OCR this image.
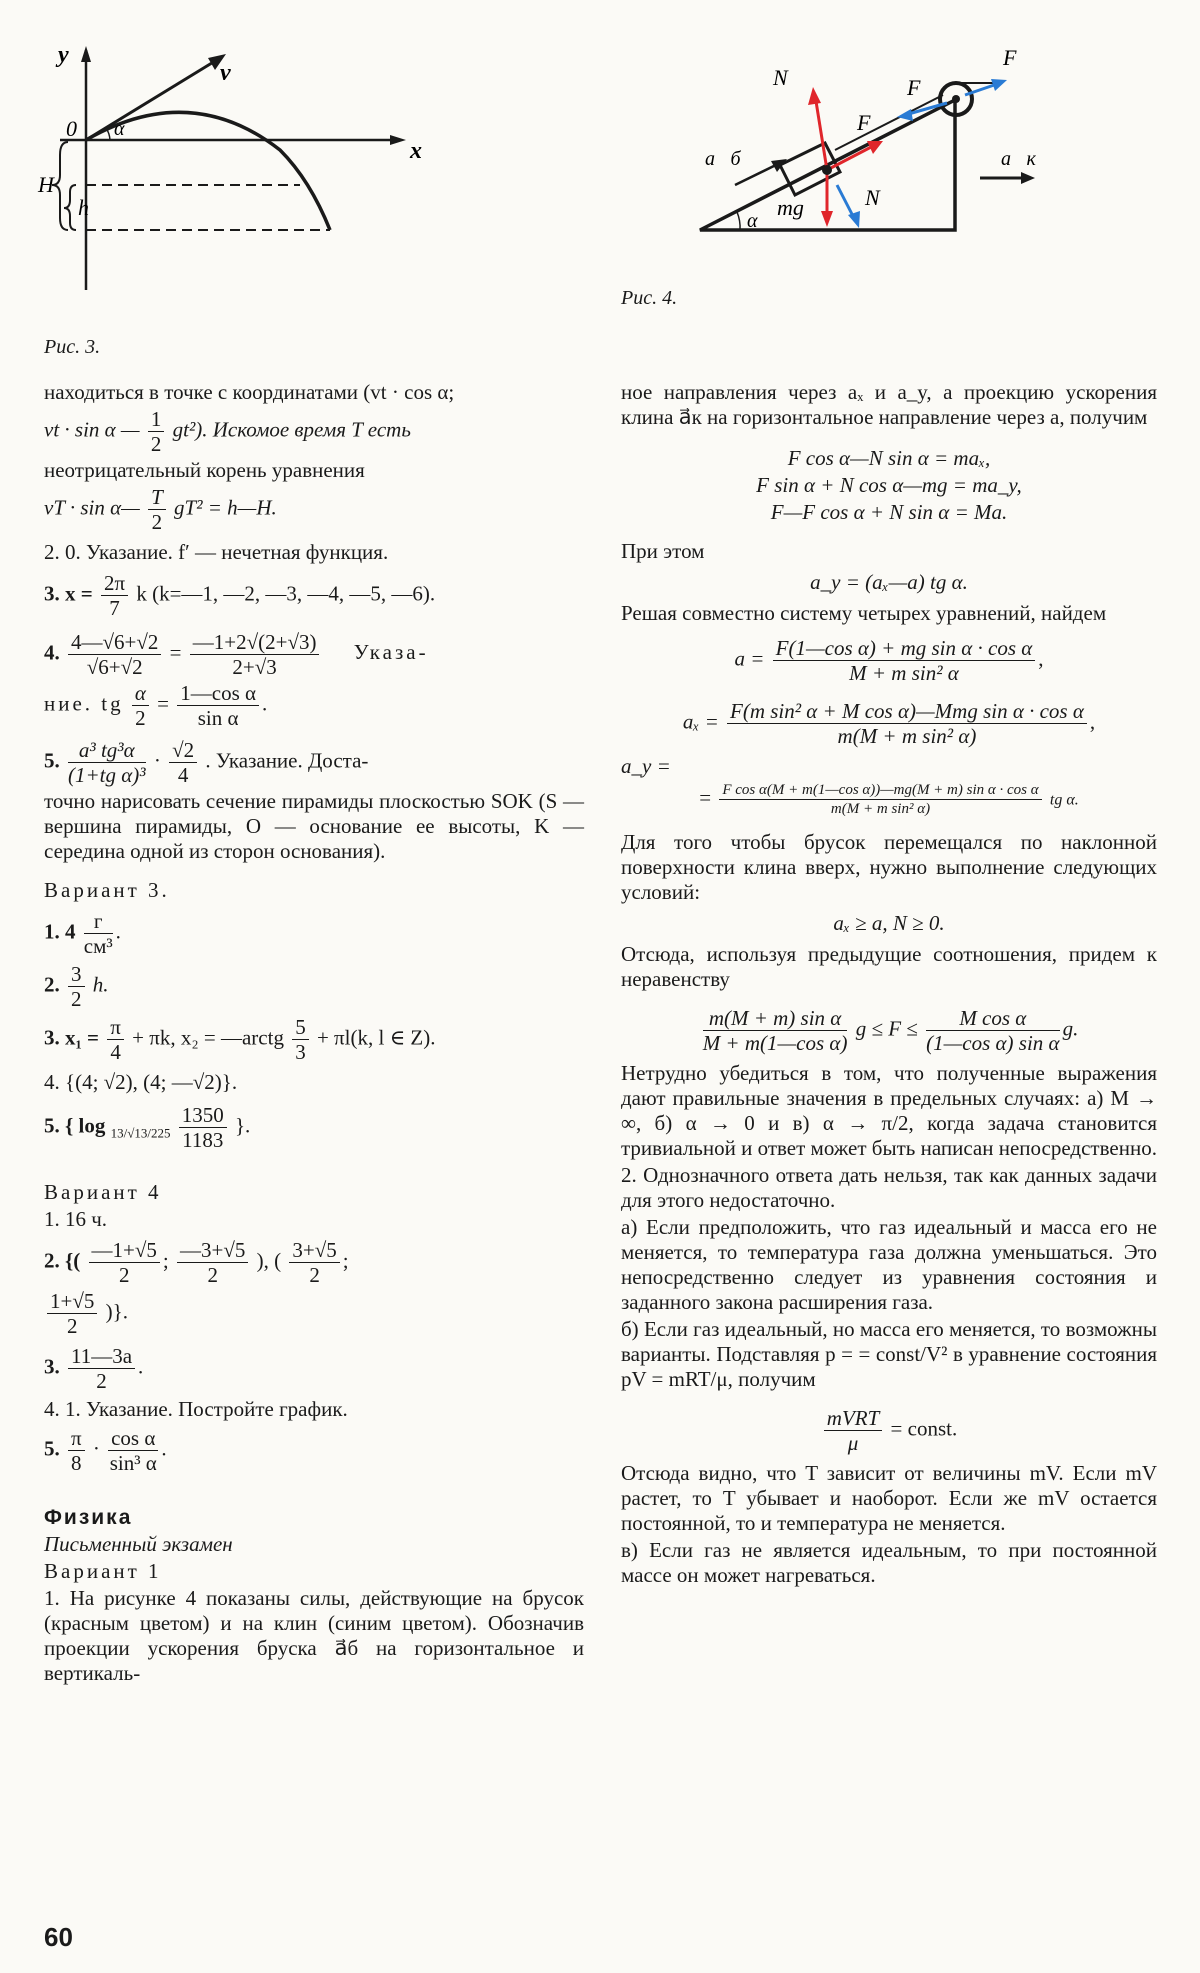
y
v
0 α
x
H
h
Рис. 3.
N
F
F
F
N
a⃗б	a⃗к
mg
α
Рис. 4.
находиться в точке с координатами (vt · cos α;
vt · sin α — $\frac{1}{2} gt^2$). Искомое время T есть
неотрицательный корень уравнения
vT · sin α— $\frac{T}{2} gT^2$ = h—H.
2. 0. Указание. f′ — нечетная функция.
3. $x = \frac{2\pi}{7}$ k (k=—1, —2, —3, —4, —5, —6).
4. $\frac{4—√6+√2}{√6+√2} = \frac{—1+2√(2+√3)}{2+√3}$ Указа-
ние. tg $\frac{\alpha}{2} = \frac{\text{1—cos α}}{\text{sin α}}$ .
5. $\frac{\text{a³ tg³α}}{\text{(1+tg α)³}} \cdot \frac{√2}{4}$ . Указание. Доста-
точно нарисовать сечение пирамиды плоскостью SOK (S — вершина пирамиды, O — основание ее высоты, K — середина одной из сторон основания).
Вариант 3.
1. $4 \frac{г}{\text{см³}}$ .
2. $\frac{3}{2} h$.
3. $x_1 = \frac{\pi}{4} + \pi k$, x₂ = —arctg $\frac{5}{3} + \pi l(k$, l ∈ Z).
4. {(4; √2), (4; —√2)}.
5. { $\log _{13/√13/225} \frac{1350}{1183}$ }.
Вариант 4
1. 16 ч.
2. {( $\frac{—1+√5}{2}$ ; $\frac{—3+√5}{2}$ ), ( $\frac{3+√5}{2}$ ;
$\frac{1+√5}{2}$ )}.
3. $\frac{11—3a}{2}$ .
4. 1. Указание. Постройте график.
5. $\frac{\pi}{8} \cdot \frac{\text{cos α}}{\text{sin³ α}}$ .
Физика
Письменный экзамен
Вариант 1
1. На рисунке 4 показаны силы, действующие на брусок (красным цветом) и на клин (синим цветом). Обозначив проекции ускорения бруска a⃗б на горизонтальное и вертикаль-
ное направления через aₓ и a_y, а проекцию ускорения клина a⃗к на горизонтальное направление через a, получим
F cos α—N sin α = maₓ,
F sin α + N cos α—mg = ma_y,
F—F cos α + N sin α = Ma.
При этом
a_y = (aₓ—a) tg α.
Решая совместно систему четырех уравнений, найдем
$a = \frac{\text{F(1—cos α) + mg sin α · cos α}}{\text{M + m sin² α}}$ ,
$a_x = \frac{\text{F(m sin² α + M cos α)—Mmg sin α · cos α}}{\text{m(M + m sin² α)}}$ ,
a_y =
= $\frac{\text{F cos α(M + m(1—cos α))—mg(M + m) sin α · cos α}}{\text{m(M + m sin² α)}}$ tg α.
Для того чтобы брусок перемещался по наклонной поверхности клина вверх, нужно выполнение следующих условий:
aₓ ≥ a, N ≥ 0.
Отсюда, используя предыдущие соотношения, придем к неравенству
$\frac{\text{m(M + m) sin α}}{\text{M + m(1—cos α)}}$ $g \le F \le \frac{\text{M cos α}}{\text{(1—cos α) sin α}} g$.
Нетрудно убедиться в том, что полученные выражения дают правильные значения в предельных случаях: а) M → ∞, б) α → 0 и в) α → π/2, когда задача становится тривиальной и ответ может быть написан непосредственно.
2. Однозначного ответа дать нельзя, так как данных задачи для этого недостаточно.
а) Если предположить, что газ идеальный и масса его не меняется, то температура газа должна уменьшаться. Это непосредственно следует из уравнения состояния и заданного закона расширения газа.
б) Если газ идеальный, но масса его меняется, то возможны варианты. Подставляя p = = const/V² в уравнение состояния pV = mRT/μ, получим
$\frac{\text{mVRT}}{\mu}$ = const.
Отсюда видно, что T зависит от величины mV. Если mV растет, то T убывает и наоборот. Если же mV остается постоянной, то и температура не меняется.
в) Если газ не является идеальным, то при постоянной массе он может нагреваться.
60
